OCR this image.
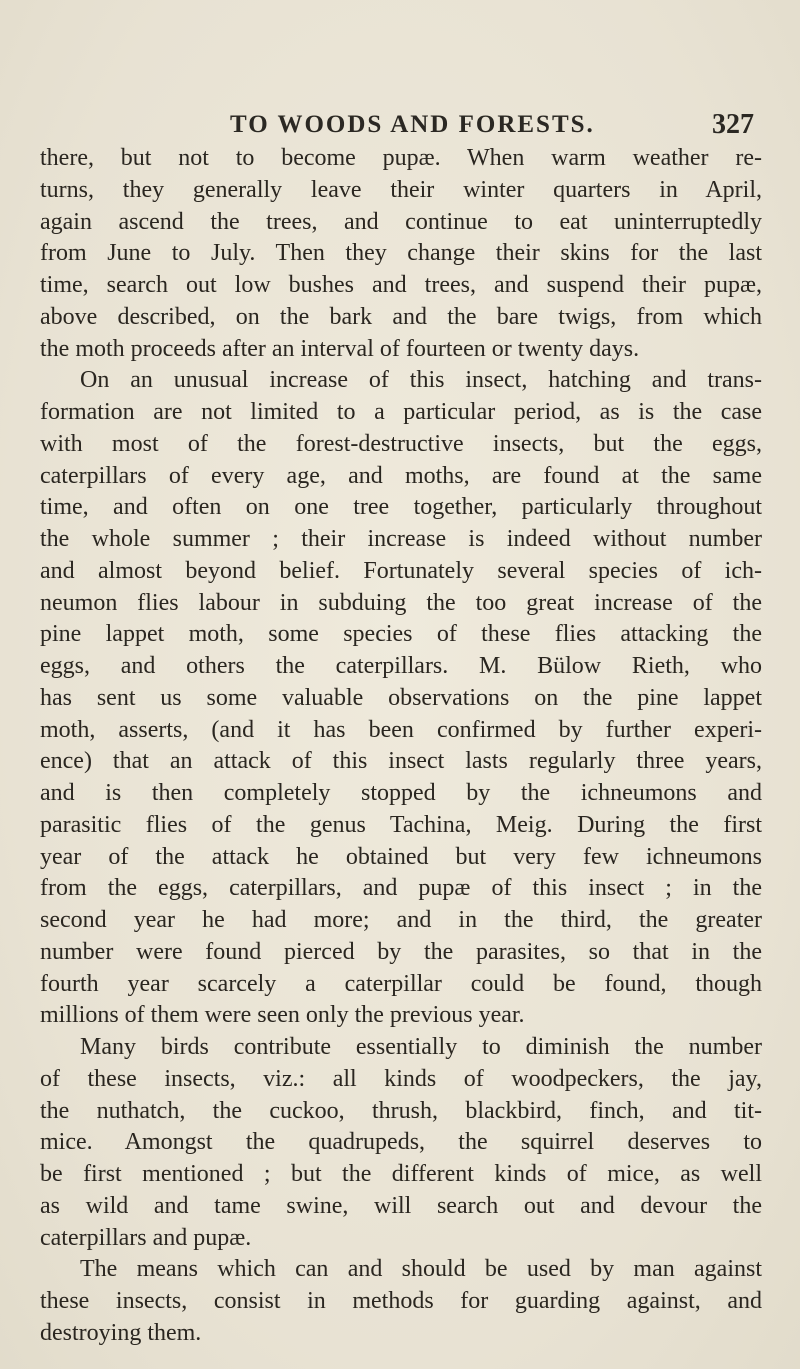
TO WOODS AND FORESTS.	327
there, but not to become pupæ. When warm weather re-
turns, they generally leave their winter quarters in April,
again ascend the trees, and continue to eat uninterruptedly
from June to July. Then they change their skins for the last
time, search out low bushes and trees, and suspend their pupæ,
above described, on the bark and the bare twigs, from which
the moth proceeds after an interval of fourteen or twenty days.
On an unusual increase of this insect, hatching and trans-
formation are not limited to a particular period, as is the case
with most of the forest-destructive insects, but the eggs,
caterpillars of every age, and moths, are found at the same
time, and often on one tree together, particularly throughout
the whole summer ; their increase is indeed without number
and almost beyond belief. Fortunately several species of ich-
neumon flies labour in subduing the too great increase of the
pine lappet moth, some species of these flies attacking the
eggs, and others the caterpillars. M. Bülow Rieth, who
has sent us some valuable observations on the pine lappet
moth, asserts, (and it has been confirmed by further experi-
ence) that an attack of this insect lasts regularly three years,
and is then completely stopped by the ichneumons and
parasitic flies of the genus Tachina, Meig. During the first
year of the attack he obtained but very few ichneumons
from the eggs, caterpillars, and pupæ of this insect ; in the
second year he had more; and in the third, the greater
number were found pierced by the parasites, so that in the
fourth year scarcely a caterpillar could be found, though
millions of them were seen only the previous year.
Many birds contribute essentially to diminish the number
of these insects, viz.: all kinds of woodpeckers, the jay,
the nuthatch, the cuckoo, thrush, blackbird, finch, and tit-
mice. Amongst the quadrupeds, the squirrel deserves to
be first mentioned ; but the different kinds of mice, as well
as wild and tame swine, will search out and devour the
caterpillars and pupæ.
The means which can and should be used by man against
these insects, consist in methods for guarding against, and
destroying them.
